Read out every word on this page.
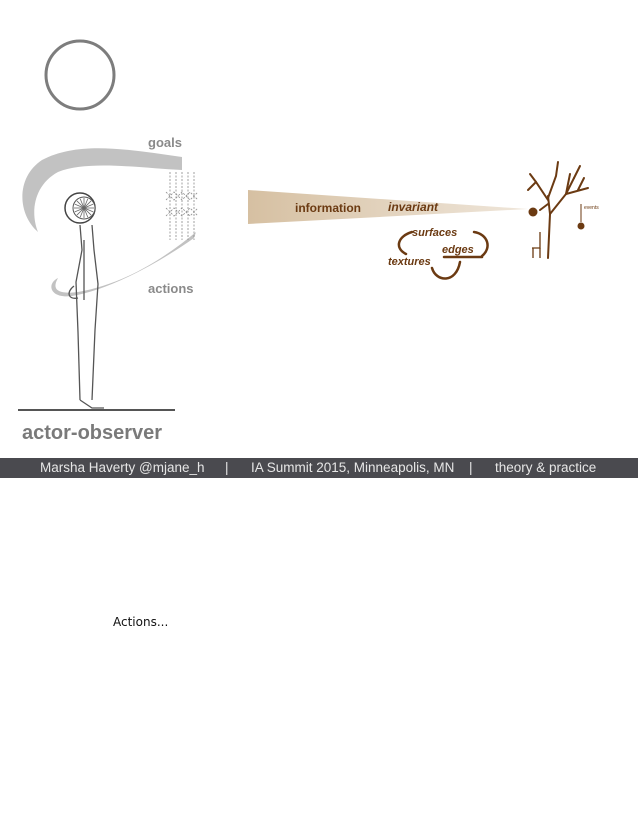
goals
actions
actor-observer
information invariant
surfaces
edges
textures
events
Marsha Haverty @mjane_h | IA Summit 2015, Minneapolis, MN | theory & practice
Actions...
